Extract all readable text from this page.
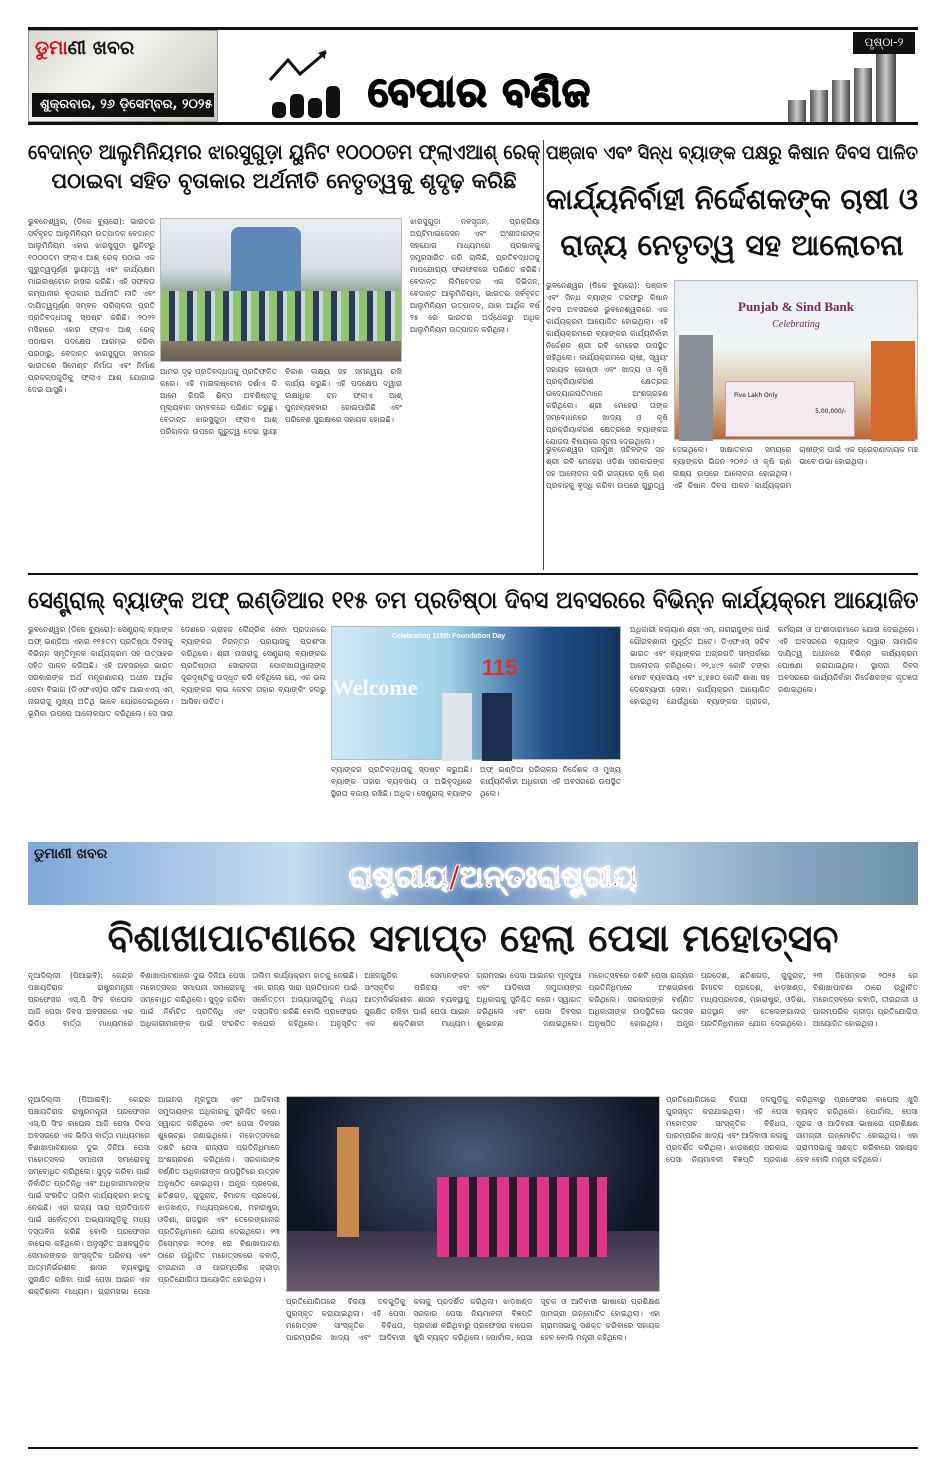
ଡୁମାଣୀ ଖବର
ଶୁକ୍ରବାର, ୨୬ ଡ଼ିସେମ୍ବର, ୨୦୨୫	ବେପାର ବଣିଜ
ପୃଷ୍ଠା-୨
ବେଦାନ୍ତ ଆଲୁମିନିୟମର ଝାରସୁଗୁଡ଼ା ୟୁନିଟ ୧୦୦୦ତମ ଫ୍ଲାଏଆଶ୍ ରେକ୍
ପଠାଇବା ସହିତ ବୃତାକାର ଅର୍ଥନୀତି ନେତୃତ୍ୱକୁ ଶୃଦୃଢ଼ କରିଛି
ଭୁବନେଶ୍ୱର, (ଡିକେ ବ୍ୟୁରୋ): ଭାରତର ସର୍ବବୃହତ ଆଲୁମିନିୟମ ଉତ୍ପାଦକ ବେଦାନ୍ତ ଆଲୁମିନିୟମ ଏହାର ଝାରସୁଗୁଡ଼ା ୟୁନିଟରୁ ୧୦୦୦ତମ ଫ୍ଲାଏ ଆଶ୍ ରେକ୍ ପଠାଇ ଏକ ଗୁରୁତ୍ୱପୂର୍ଣ୍ଣ ସ୍ଥାୟୀତ୍ୱ ଏବଂ କାର୍ଯ୍ୟକ୍ଷମ ମାଇଲଷ୍ଟୋନ ହାସଲ କରିଛି। ଏହି ସଫଳତା କମ୍ପାନୀର ବୃତାକାର ଅର୍ଥନୀତି ନୀତି ଏବଂ ଦାୟିତ୍ୱପୂର୍ଣ୍ଣ ସମ୍ବଳ ପରିଚାଳନା ପ୍ରତି ପ୍ରତିବଦ୍ଧତାକୁ ସ୍ପଷ୍ଟ କରିଛି। ୨୦୨୨ ମସିହାରେ ଏହାର ଫ୍ଲାଏ ଆଶ୍ ରେକ୍ ପଠାଇବା ପଦକ୍ଷେପ ଆରମ୍ଭ କରିବା ପରଠାରୁ, ବେଦାନ୍ତ ଝାରସୁଗୁଡ଼ା ସମଗ୍ର ଭାରତରେ ସିମେଣ୍ଟ ନିର୍ମାତା ଏବଂ ନିର୍ମାଣ ପ୍ରକଳ୍ପଗୁଡ଼ିକୁ ଫ୍ଲାଏ ଆଶ୍ ଯୋଗାଇ ଦେଇ ଆସୁଛି।
ଆମର ଦୃଢ଼ ପ୍ରତିବଦ୍ଧତାକୁ ପ୍ରତିଫଳିତ କରେ। ଏହି ମାଇଲଷ୍ଟୋନ ଦର୍ଶାଏ କି ଆମେ କିପରି ଶିଳ୍ପ ଅବଶିଷ୍ଟକୁ ମୂଲ୍ୟବାନ ସମ୍ବଳରେ ପରିଣତ କରୁଛୁ। ବେଦାନ୍ତ ଝାରସୁଗୁଡ଼ା ଫ୍ଲାଏ ଆଶ୍ ପରିଚାଳନା ଉପରେ ଗୁରୁତ୍ୱ ଦେଇ ସ୍ଥାୟୀ ବିକାଶ ଲକ୍ଷ୍ୟ ସହ ସମନ୍ୱୟ ରଖି କାର୍ଯ୍ୟ କରୁଛି। ଏହି ପଦକ୍ଷେପ ଦ୍ୱାରା ଲକ୍ଷାଧିକ ଟନ ଫ୍ଲାଏ ଆଶ୍ ପୁନଃବ୍ୟବହାର ହୋଇପାରିଛି ଏବଂ ପରିବେଶ ସୁରକ୍ଷାରେ ସହାୟକ ହୋଇଛି।
ଝାରସୁଗୁଡ଼ା ନବସୃଜନ, ପ୍ରକ୍ରିୟା ଅପ୍ଟିମାଇଜେସନ ଏବଂ ଅଂଶୀଦାରଙ୍କ ସହଯୋଗ ମାଧ୍ୟମରେ ପ୍ରଭାବକୁ ସମ୍ପ୍ରସାରିତ କରି ଚାଲିଛି, ପ୍ରତିବଦ୍ଧତାକୁ ମାପଯୋଗ୍ୟ ଫଳାଫଳରେ ପରିଣତ କରିଛି। ବେଦାନ୍ତ ଲିମିଟେଡର ଏକ ଡିଭିଜନ, ବେଦାନ୍ତ ଆଲୁମିନିୟମ, ଭାରତର ସର୍ବବୃହତ ଆଲୁମିନିୟମ ଉତ୍ପାଦକ, ଯାହା ଆର୍ଥିକ ବର୍ଷ ୨୫ ରେ ଭାରତର ଅର୍ଦ୍ଧେକରୁ ଅଧିକ ଆଲୁମିନିୟମ ଉତ୍ପାଦନ କରିଥିଲା।
ପଞ୍ଜାବ ଏବଂ ସିନ୍ଧ ବ୍ୟାଙ୍କ ପକ୍ଷରୁ କିଷାନ ଦିବସ ପାଳିତ
କାର୍ଯ୍ୟନିର୍ବାହୀ ନିର୍ଦ୍ଦେଶକଙ୍କ ଚାଷୀ ଓ
ରାଜ୍ୟ ନେତୃତ୍ୱ ସହ ଆଲୋଚନା
ଭୁବନେଶ୍ୱର (ଡିକେ ବ୍ୟୁରୋ): ପଞ୍ଜାବ ଏବଂ ସିନ୍ଧ ବ୍ୟାଙ୍କ ତରଫରୁ କିଷାନ ଦିବସ ଅବସରରେ ଭୁବନେଶ୍ୱରରେ ଏକ କାର୍ଯ୍ୟକ୍ରମ ଆୟୋଜିତ ହୋଇଥିଲା। ଏହି କାର୍ଯ୍ୟକ୍ରମରେ ବ୍ୟାଙ୍କର କାର୍ଯ୍ୟନିର୍ବାହୀ ନିର୍ଦ୍ଦେଶକ ଶ୍ରୀ ରବି ମେହେରା ଉପସ୍ଥିତ ରହିଥିଲେ। କାର୍ଯ୍ୟକ୍ରମରେ ଚାଷୀ, ସ୍ୱୟଂ ସହାୟକ ଗୋଷ୍ଠୀ ଏବଂ ଖାଦ୍ୟ ଓ କୃଷି ପ୍ରକ୍ରିୟାକରଣ କ୍ଷେତ୍ରର ଉଦ୍ୟୋଗପତିମାନେ ଅଂଶଗ୍ରହଣ କରିଥିଲେ। ଶ୍ରୀ ମେହେରା ତାଙ୍କ ସମ୍ବୋଧନରେ ଖାଦ୍ୟ ଓ କୃଷି ପ୍ରକ୍ରିୟାକରଣ କ୍ଷେତ୍ରରେ ବ୍ୟାଙ୍କର ଯୋଜନା ବିଷୟରେ ସୂଚନା ଦେଇଥିଲେ।
Punjab & Sind Bank
Celebrating
Five Lakh Only
5,00,000/-
ଭୁବନେଶ୍ୱର ପ୍ରମୁଖ ସଚିବଙ୍କ ସହ ଶ୍ରୀ ରବି ମେହେରା ଓଡ଼ିଶା ସରକାରଙ୍କ ସହ ଆଲୋଚନା କରି ରାଜ୍ୟରେ କୃଷି ଋଣ ପ୍ରବାହକୁ ବୃଦ୍ଧି କରିବା ଉପରେ ଗୁରୁତ୍ୱ ଦେଇଥିଲେ। ସାକ୍ଷାତକାର ସମୟରେ ବ୍ୟାଙ୍କର ଭିଜନ ୨୦୨୬ ଓ କୃଷି ଋଣ ଲକ୍ଷ୍ୟ ଉପରେ ଆଲୋଚନା ହୋଇଥିଲା। ଏହି କିଷାନ ଦିବସ ପାଳନ କାର୍ଯ୍ୟକ୍ରମ ଚାଷୀଙ୍କ ପାଇଁ ଏକ ପ୍ରେରଣାଦାୟକ ମଞ୍ଚ ଭାବେ ଉଭା ହୋଇଥିଲା।
ସେଣ୍ଟ୍ରାଲ୍ ବ୍ୟାଙ୍କ ଅଫ୍ ଇଣ୍ଡିଆର ୧୧୫ ତମ ପ୍ରତିଷ୍ଠା ଦିବସ ଅବସରରେ ବିଭିନ୍ନ କାର୍ଯ୍ୟକ୍ରମ ଆୟୋଜିତ
ଭୁବନେଶ୍ୱର (ଡିକେ ବ୍ୟୁରୋ): ସେଣ୍ଟ୍ରାଲ୍ ବ୍ୟାଙ୍କ ଅଫ୍ ଇଣ୍ଡିଆ ଏହାର ୧୧୫ତମ ପ୍ରତିଷ୍ଠା ଦିବସକୁ ବିଭିନ୍ନ ସ୍ମୃତିମୂଳକ କାର୍ଯ୍ୟକ୍ରମ ସହ ଉତ୍ସାହର ସହିତ ପାଳନ କରିଅଛି। ଏହି ଅବସରରେ ଭାରତ ସରକାରଙ୍କ ଅର୍ଥ ମନ୍ତ୍ରଣାଳୟ ଅଧୀନ ଆର୍ଥିକ ସେବା ବିଭାଗ (ଡିଏଫଏସ୍)ର ସଚିବ ଆଇଏଏସ୍ ଏମ୍ ନାଗରାଜୁ ମୁଖ୍ୟ ଅତିଥି ଭାବେ ଯୋଗଦେଇଥିଲେ। ଭୂମିକା ଉପରେ ଆଲୋକପାତ କରିଥିଲେ। ସେ ସାରା ଦେଶରେ ଗ୍ରାହକ କୈନ୍ଦ୍ରିକ ସେବା ପ୍ରଦାନରେ ବ୍ୟାଙ୍କର ନିରନ୍ତର ପ୍ରୟାସକୁ ପ୍ରଶଂସା କରିଥିଲେ। ଶ୍ରୀ ନାଗରାଜୁ ସେଣ୍ଟ୍ରାଲ୍ ବ୍ୟାଙ୍କର ପ୍ରତିଷ୍ଠାତା ସୋରାବଜୀ ପୋଚଖାନାୱାଲାଙ୍କ ଦୂରଦୃଷ୍ଟିକୁ ଉଦ୍ଧୃତ କରି କହିଥିଲେ ଯେ, ଏକ ଭଲ ବ୍ୟାଙ୍କର ଲାଭ କେବଳ ତାହାର ବ୍ୟାଙ୍କିଂ ହଲରୁ ଆସିବା ଉଚିତ।
Celebrating 115th Foundation Day
Welcome
115
ବ୍ୟାଙ୍କର ପ୍ରତିବଦ୍ଧତାକୁ ସ୍ପଷ୍ଟ କରୁଅଛି। ବ୍ୟାଙ୍କ ତାହାର ବ୍ୟବସାୟ ଓ ଅଭିବୃଦ୍ଧିରେ ସ୍ଥିରତା ବଜାୟ ରଖିଛି। ଅଧିକ। ସେଣ୍ଟ୍ରାଲ୍ ବ୍ୟାଙ୍କ ଅଫ୍ ଇଣ୍ଡିଆ ପରିଚାଳନା ନିର୍ଦ୍ଦେଶକ ଓ ମୁଖ୍ୟ କାର୍ଯ୍ୟନିର୍ବାହୀ ଅଧିକାରୀ ଏହି ଅବସରରେ ଉପସ୍ଥିତ ଥିଲେ।
ଅଧିକାରୀ କଲ୍ୟାଣ ଶ୍ରୀ ଏମ୍. ନାଗରାଜୁଙ୍କ ପାଇଁ ଗୌରବଶାଳୀ ମୁହୂର୍ତ୍ତ ଅଟେ। ଡିଏଫଏସ୍ ସଚିବ ଭାରତ ଏବଂ ବ୍ୟାଙ୍କର ଅଗ୍ରଗତି ସମ୍ପର୍କରେ ଆଲୋଚନା କରିଥିଲେ। ୨୨,୪୯୨ କୋଟି ଟଙ୍କା ମୋଟ ବ୍ୟବସାୟ ଏବଂ ୪,୫୭୦ କୋଟି ଶାଖା ସହ ଦେଶବ୍ୟାପୀ ସେବା। କାର୍ଯ୍ୟକ୍ରମ ଆୟୋଜିତ ହୋଇଥିଲା ଯେଉଁଥିରେ ବ୍ୟାଙ୍କର ଗ୍ରାହକ, କର୍ମଚାରୀ ଓ ଅଂଶୀଦାରମାନେ ଯୋଗ ଦେଇଥିଲେ। ଏହି ଅବସରରେ ବ୍ୟାଙ୍କ ଦ୍ୱାରା ସାମାଜିକ ଦାୟିତ୍ୱ ଅଧୀନରେ ବିଭିନ୍ନ କାର୍ଯ୍ୟକ୍ରମ ଘୋଷଣା କରାଯାଇଥିଲା। ସ୍ଥାପନା ଦିବସ ଅବସରରେ କାର୍ଯ୍ୟନିର୍ବାହୀ ନିର୍ଦ୍ଦେଶକଙ୍କ କୃତଜ୍ଞତା ଜଣାଇଥିଲେ।
ଡୁମାଣୀ ଖବର
ରାଷ୍ଟ୍ରୀୟ/ଅନ୍ତଃରାଷ୍ଟ୍ରୀୟ
ବିଶାଖାପାଟଣାରେ ସମାପ୍ତ ହେଲା ପେସା ମହୋତ୍ସବ
ନୂଆଦିଲ୍ଲୀ (ପିଆଇବି): କେନ୍ଦ୍ର ପଞ୍ଚାୟତିରାଜ ରାଷ୍ଟ୍ରମନ୍ତ୍ରୀ ପ୍ରଫେସର ଏସ୍.ପି ସିଂହ ବାଘେଲ ଆଜି ପେସା ଦିବସ ଅବସରରେ ଏକ ଭିଡିଓ ବାର୍ତ୍ତା ମାଧ୍ୟମରେ ବିଶାଖାପାଟଣାରେ ଦୁଇ ଦିନିଆ ପେସା ମହୋତ୍ସବର ସମାପନୀ ସମାରୋହକୁ ସମ୍ବୋଧିତ କରିଥିଲେ। ସୁଦୃଢ଼ କରିବା ପାଇଁ ନିର୍ବାଚିତ ପ୍ରତିନିଧି ଏବଂ ଅଧିକାରୀମାନଙ୍କ ପାଇଁ ସଂରଚିତ ତାଲିମ କାର୍ଯ୍ୟକ୍ରମ ହାତକୁ ନେଇଛି। ଏହା ରାଜ୍ୟ ସାରା ପ୍ରତିପାଦନ ପାଇଁ ସର୍ବୋତ୍ତମ ଅଭ୍ୟାସଗୁଡ଼ିକୁ ମଧ୍ୟ ଦସ୍ତାବିଜ କରିଛି ବୋଲି ପ୍ରଫେସର ବାଘେଲ କହିଥିଲେ। ଅନୁସୂଚିତ ଅଞ୍ଚଳଗୁଡ଼ିକ ସେମାନଙ୍କର ସାଂସ୍କୃତିକ ପରିଚୟ ଏବଂ ଆତ୍ମନିର୍ଭରଶୀଳ ଶାସନ ବ୍ୟବସ୍ଥାକୁ ସୁରକ୍ଷିତ ରଖିବା ପାଇଁ ପେସା ଆଇନ ଏକ ଶକ୍ତିଶାଳୀ ମାଧ୍ୟମ। ଗ୍ରାମସଭା ପେସା ଆଇନର ମୂଳଦୁଆ ଏବଂ ଆଦିବାସୀ ସମୁଦାୟଙ୍କ ଅଧିକାରକୁ ସୁନିଶ୍ଚିତ କରେ। ସ୍ୱାଗତ କରିଥିଲେ ଏବଂ ପେସା ଦିବସର ଶୁଭେଚ୍ଛା ଜଣାଇଥିଲେ। ମହୋତ୍ସବରେ ଦଶଟି ପେସା ରାଜ୍ୟର ପ୍ରତିନିଧିମାନେ ଅଂଶଗ୍ରହଣ କରିଥିଲେ। ସରକାରଙ୍କ ବର୍ଣ୍ଣିତ ଅଧିକାରୀଙ୍କ ଉପସ୍ଥିତିରେ ଉତ୍ସବ ଅନୁଷ୍ଠିତ ହୋଇଥିଲା। ଅନ୍ଧ୍ର ପ୍ରଦେଶ, ଛତିଶଗଡ଼, ଗୁଜୁରାଟ, ହିମାଚଳ ପ୍ରଦେଶ, ଝାଡ଼ଖଣ୍ଡ, ମଧ୍ୟପ୍ରଦେଶ, ମହାରାଷ୍ଟ୍ର, ଓଡ଼ିଶା, ରାଜସ୍ଥାନ ଏବଂ ତେଲେଙ୍ଗାନାର ପ୍ରତିନିଧିମାନେ ଯୋଗ ଦେଇଥିଲେ। ୨୩ ଡିସେମ୍ବର ୨୦୨୫ ରେ ବିଶାଖାପାଟଣା ଠାରେ ଉଦ୍ଘାଟିତ ମହୋତ୍ସବରେ କବାଡ଼ି, ତୀରନ୍ଦାଜୀ ଓ ପାରମ୍ପରିକ କ୍ରୀଡ଼ା ପ୍ରତିଯୋଗିତା ଆୟୋଜିତ ହୋଇଥିଲା।
ନୂଆଦିଲ୍ଲୀ (ପିଆଇବି): କେନ୍ଦ୍ର ପଞ୍ଚାୟତିରାଜ ରାଷ୍ଟ୍ରମନ୍ତ୍ରୀ ପ୍ରଫେସର ଏସ୍.ପି ସିଂହ ବାଘେଲ ଆଜି ପେସା ଦିବସ ଅବସରରେ ଏକ ଭିଡିଓ ବାର୍ତ୍ତା ମାଧ୍ୟମରେ ବିଶାଖାପାଟଣାରେ ଦୁଇ ଦିନିଆ ପେସା ମହୋତ୍ସବର ସମାପନୀ ସମାରୋହକୁ ସମ୍ବୋଧିତ କରିଥିଲେ। ସୁଦୃଢ଼ କରିବା ପାଇଁ ନିର୍ବାଚିତ ପ୍ରତିନିଧି ଏବଂ ଅଧିକାରୀମାନଙ୍କ ପାଇଁ ସଂରଚିତ ତାଲିମ କାର୍ଯ୍ୟକ୍ରମ ହାତକୁ ନେଇଛି। ଏହା ରାଜ୍ୟ ସାରା ପ୍ରତିପାଦନ ପାଇଁ ସର୍ବୋତ୍ତମ ଅଭ୍ୟାସଗୁଡ଼ିକୁ ମଧ୍ୟ ଦସ୍ତାବିଜ କରିଛି ବୋଲି ପ୍ରଫେସର ବାଘେଲ କହିଥିଲେ। ଅନୁସୂଚିତ ଅଞ୍ଚଳଗୁଡ଼ିକ ସେମାନଙ୍କର ସାଂସ୍କୃତିକ ପରିଚୟ ଏବଂ ଆତ୍ମନିର୍ଭରଶୀଳ ଶାସନ ବ୍ୟବସ୍ଥାକୁ ସୁରକ୍ଷିତ ରଖିବା ପାଇଁ ପେସା ଆଇନ ଏକ ଶକ୍ତିଶାଳୀ ମାଧ୍ୟମ। ଗ୍ରାମସଭା ପେସା ଆଇନର ମୂଳଦୁଆ ଏବଂ ଆଦିବାସୀ ସମୁଦାୟଙ୍କ ଅଧିକାରକୁ ସୁନିଶ୍ଚିତ କରେ। ସ୍ୱାଗତ କରିଥିଲେ ଏବଂ ପେସା ଦିବସର ଶୁଭେଚ୍ଛା ଜଣାଇଥିଲେ। ମହୋତ୍ସବରେ ଦଶଟି ପେସା ରାଜ୍ୟର ପ୍ରତିନିଧିମାନେ ଅଂଶଗ୍ରହଣ କରିଥିଲେ। ସରକାରଙ୍କ ବର୍ଣ୍ଣିତ ଅଧିକାରୀଙ୍କ ଉପସ୍ଥିତିରେ ଉତ୍ସବ ଅନୁଷ୍ଠିତ ହୋଇଥିଲା। ଅନ୍ଧ୍ର ପ୍ରଦେଶ, ଛତିଶଗଡ଼, ଗୁଜୁରାଟ, ହିମାଚଳ ପ୍ରଦେଶ, ଝାଡ଼ଖଣ୍ଡ, ମଧ୍ୟପ୍ରଦେଶ, ମହାରାଷ୍ଟ୍ର, ଓଡ଼ିଶା, ରାଜସ୍ଥାନ ଏବଂ ତେଲେଙ୍ଗାନାର ପ୍ରତିନିଧିମାନେ ଯୋଗ ଦେଇଥିଲେ। ୨୩ ଡିସେମ୍ବର ୨୦୨୫ ରେ ବିଶାଖାପାଟଣା ଠାରେ ଉଦ୍ଘାଟିତ ମହୋତ୍ସବରେ କବାଡ଼ି, ତୀରନ୍ଦାଜୀ ଓ ପାରମ୍ପରିକ କ୍ରୀଡ଼ା ପ୍ରତିଯୋଗିତା ଆୟୋଜିତ ହୋଇଥିଲା।
ପ୍ରତିଯୋଗିତାରେ ବିଜୟୀ ଦଳଗୁଡ଼ିକୁ ପୁରସ୍କୃତ କରାଯାଇଥିଲା। ଏହି ପେସା ମହୋତ୍ସବ ସାଂସ୍କୃତିକ ବିବିଧତା, ପାରମ୍ପରିକ ଖାଦ୍ୟ ଏବଂ ଆଦିବାସୀ କଳାକୁ ପ୍ରଦର୍ଶିତ କରିଥିଲା। ଝାଡ଼ଖଣ୍ଡ ସରକାର ପେସା ନିୟମାବଳୀ ବିଜ୍ଞପ୍ତି ପ୍ରକାଶ କରିଥିବାରୁ ପ୍ରଫେସର ବାଘେଲ ଖୁସି ବ୍ୟକ୍ତ କରିଥିଲେ। ପୋର୍ଟାଲ, ପେସା ସୂଚକ ଓ ଆଦିବାସୀ ଭାଷାରେ ପ୍ରଶିକ୍ଷଣ ସାମଗ୍ରୀ ଉନ୍ମୋଚିତ ହୋଇଥିଲା। ଏହା ଗ୍ରାମସଭାକୁ ସଶକ୍ତ କରିବାରେ ସହାୟକ ହେବ ବୋଲି ମନ୍ତ୍ରୀ କହିଥିଲେ।
ପ୍ରତିଯୋଗିତାରେ ବିଜୟୀ ଦଳଗୁଡ଼ିକୁ ପୁରସ୍କୃତ କରାଯାଇଥିଲା। ଏହି ପେସା ମହୋତ୍ସବ ସାଂସ୍କୃତିକ ବିବିଧତା, ପାରମ୍ପରିକ ଖାଦ୍ୟ ଏବଂ ଆଦିବାସୀ କଳାକୁ ପ୍ରଦର୍ଶିତ କରିଥିଲା। ଝାଡ଼ଖଣ୍ଡ ସରକାର ପେସା ନିୟମାବଳୀ ବିଜ୍ଞପ୍ତି ପ୍ରକାଶ କରିଥିବାରୁ ପ୍ରଫେସର ବାଘେଲ ଖୁସି ବ୍ୟକ୍ତ କରିଥିଲେ। ପୋର୍ଟାଲ, ପେସା ସୂଚକ ଓ ଆଦିବାସୀ ଭାଷାରେ ପ୍ରଶିକ୍ଷଣ ସାମଗ୍ରୀ ଉନ୍ମୋଚିତ ହୋଇଥିଲା। ଏହା ଗ୍ରାମସଭାକୁ ସଶକ୍ତ କରିବାରେ ସହାୟକ ହେବ ବୋଲି ମନ୍ତ୍ରୀ କହିଥିଲେ।
